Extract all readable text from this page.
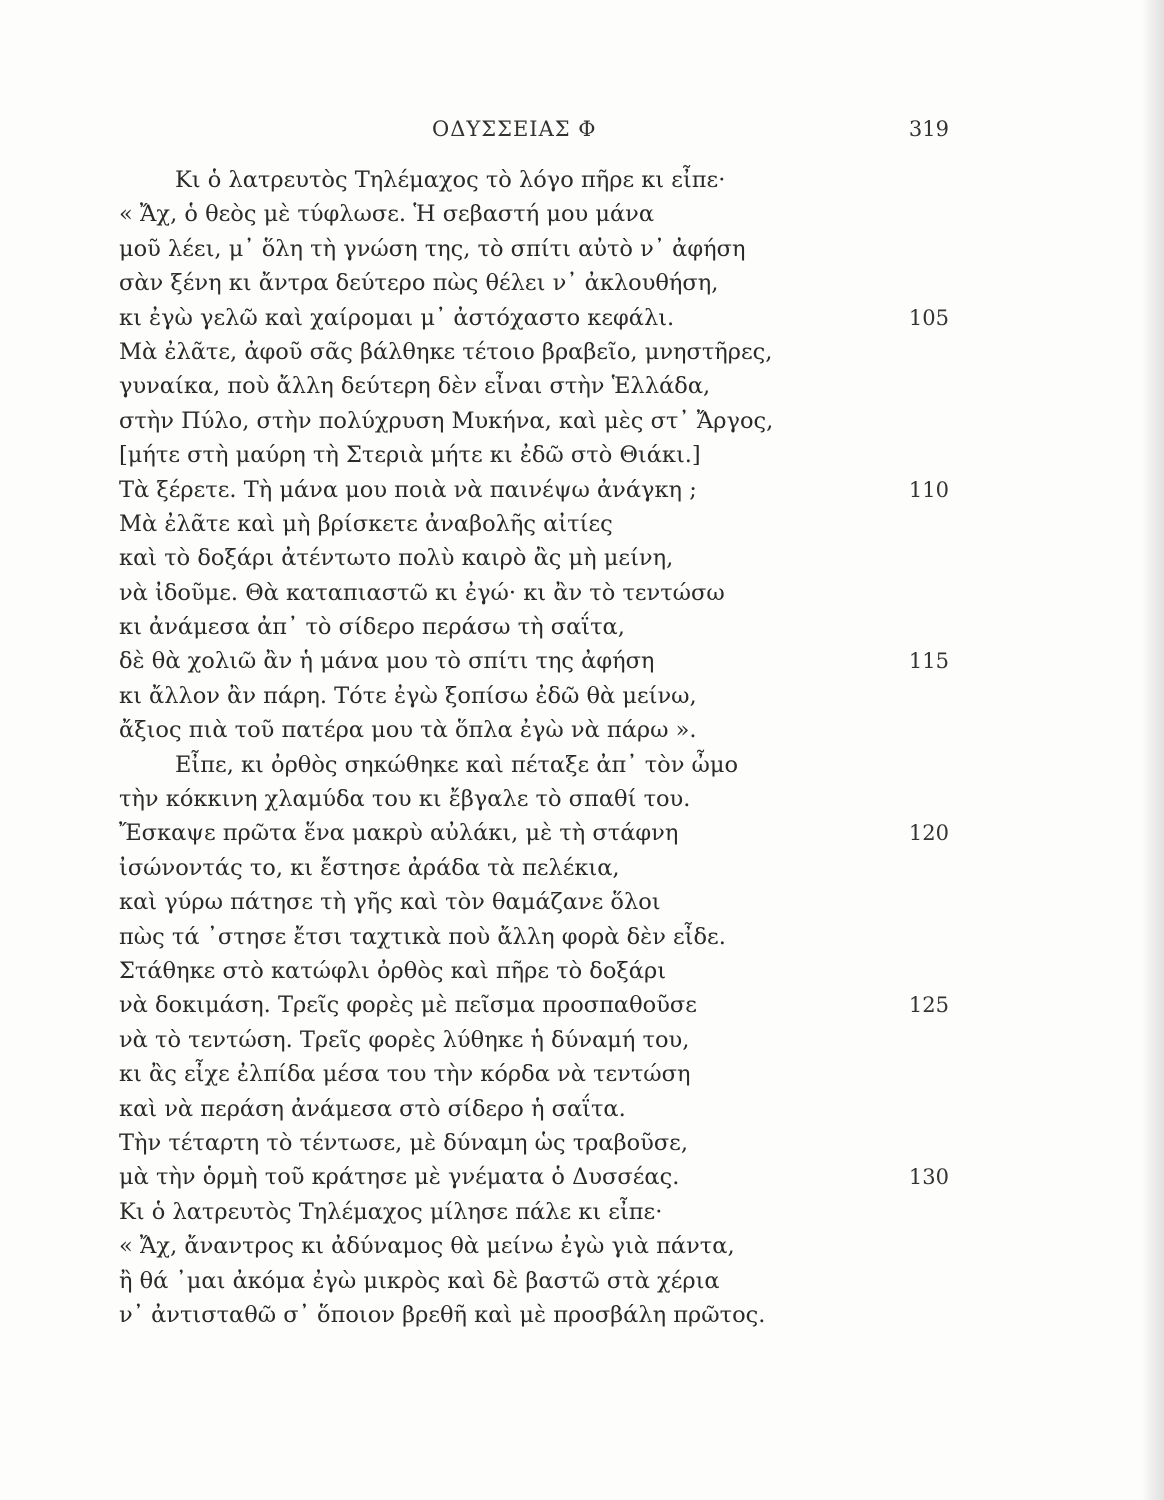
ΟΔΥΣΣΕΙΑΣ Φ	319
Κι ὁ λατρευτὸς Τηλέμαχος τὸ λόγο πῆρε κι εἶπε·
« Ἄχ, ὁ θεὸς μὲ τύφλωσε. Ἡ σεβαστή μου μάνα
μοῦ λέει, μ᾽ ὅλη τὴ γνώση της, τὸ σπίτι αὐτὸ ν᾽ ἀφήση
σὰν ξένη κι ἄντρα δεύτερο πὼς θέλει ν᾽ ἀκλουθήση,
κι ἐγὼ γελῶ καὶ χαίρομαι μ᾽ ἀστόχαστο κεφάλι.	105
Μὰ ἐλᾶτε, ἀφοῦ σᾶς βάλθηκε τέτοιο βραβεῖο, μνηστῆρες,
γυναίκα, ποὺ ἄλλη δεύτερη δὲν εἶναι στὴν Ἑλλάδα,
στὴν Πύλο, στὴν πολύχρυση Μυκήνα, καὶ μὲς στ᾽ Ἄργος,
[μήτε στὴ μαύρη τὴ Στεριὰ μήτε κι ἐδῶ στὸ Θιάκι.]
Τὰ ξέρετε. Τὴ μάνα μου ποιὰ νὰ παινέψω ἀνάγκη ;	110
Μὰ ἐλᾶτε καὶ μὴ βρίσκετε ἀναβολῆς αἰτίες
καὶ τὸ δοξάρι ἀτέντωτο πολὺ καιρὸ ἂς μὴ μείνη,
νὰ ἰδοῦμε. Θὰ καταπιαστῶ κι ἐγώ· κι ἂν τὸ τεντώσω
κι ἀνάμεσα ἀπ᾽ τὸ σίδερο περάσω τὴ σαΐτα,
δὲ θὰ χολιῶ ἂν ἡ μάνα μου τὸ σπίτι της ἀφήση	115
κι ἄλλον ἂν πάρη. Τότε ἐγὼ ξοπίσω ἐδῶ θὰ μείνω,
ἄξιος πιὰ τοῦ πατέρα μου τὰ ὅπλα ἐγὼ νὰ πάρω ».
Εἶπε, κι ὀρθὸς σηκώθηκε καὶ πέταξε ἀπ᾽ τὸν ὦμο
τὴν κόκκινη χλαμύδα του κι ἔβγαλε τὸ σπαθί του.
Ἔσκαψε πρῶτα ἕνα μακρὺ αὐλάκι, μὲ τὴ στάφνη	120
ἰσώνοντάς το, κι ἔστησε ἀράδα τὰ πελέκια,
καὶ γύρω πάτησε τὴ γῆς καὶ τὸν θαμάζανε ὅλοι
πὼς τά ᾽στησε ἔτσι ταχτικὰ ποὺ ἄλλη φορὰ δὲν εἶδε.
Στάθηκε στὸ κατώφλι ὀρθὸς καὶ πῆρε τὸ δοξάρι
νὰ δοκιμάση. Τρεῖς φορὲς μὲ πεῖσμα προσπαθοῦσε	125
νὰ τὸ τεντώση. Τρεῖς φορὲς λύθηκε ἡ δύναμή του,
κι ἂς εἶχε ἐλπίδα μέσα του τὴν κόρδα νὰ τεντώση
καὶ νὰ περάση ἀνάμεσα στὸ σίδερο ἡ σαΐτα.
Τὴν τέταρτη τὸ τέντωσε, μὲ δύναμη ὡς τραβοῦσε,
μὰ τὴν ὁρμὴ τοῦ κράτησε μὲ γνέματα ὁ Δυσσέας.	130
Κι ὁ λατρευτὸς Τηλέμαχος μίλησε πάλε κι εἶπε·
« Ἄχ, ἄναντρος κι ἀδύναμος θὰ μείνω ἐγὼ γιὰ πάντα,
ἢ θά ᾽μαι ἀκόμα ἐγὼ μικρὸς καὶ δὲ βαστῶ στὰ χέρια
ν᾽ ἀντισταθῶ σ᾽ ὅποιον βρεθῆ καὶ μὲ προσβάλη πρῶτος.
